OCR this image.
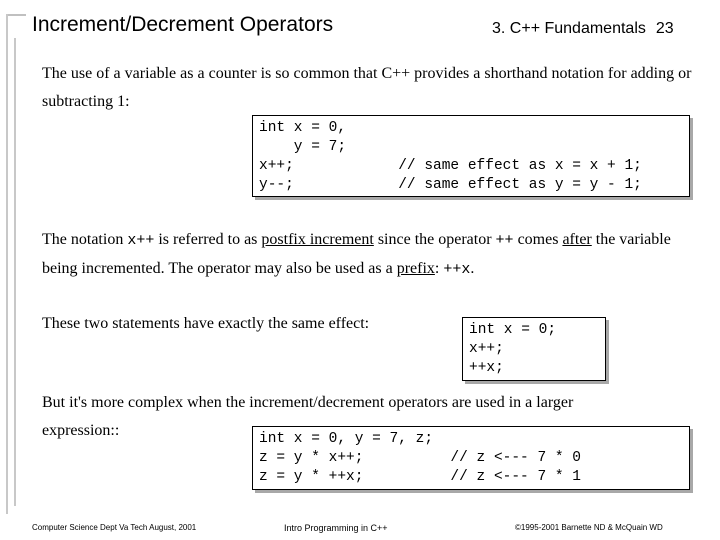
Increment/Decrement Operators	3. C++ Fundamentals 23
The use of a variable as a counter is so common that C++ provides a shorthand notation for adding or subtracting 1:
int x = 0,
y = 7;
x++;            // same effect as x = x + 1;
y--;            // same effect as y = y - 1;
The notation x++ is referred to as postfix increment since the operator ++ comes after the variable being incremented. The operator may also be used as a prefix: ++x.
These two statements have exactly the same effect:	int x = 0;
x++;
++x;
But it's more complex when the increment/decrement operators are used in a larger
expression::	int x = 0, y = 7, z;
z = y * x++;          // z <--- 7 * 0
z = y * ++x;          // z <--- 7 * 1
Computer Science Dept Va Tech August, 2001	Intro Programming in C++	©1995-2001 Barnette ND & McQuain WD
